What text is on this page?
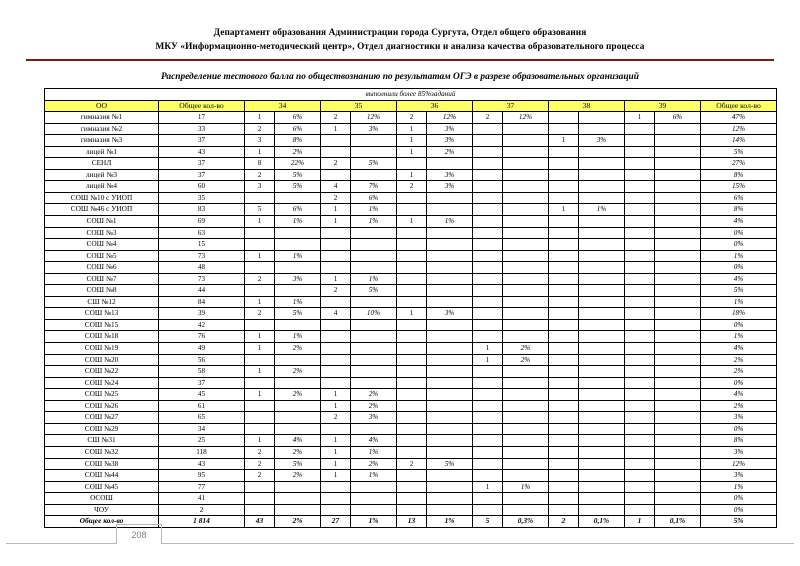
Департамент образования Администрации города Сургута, Отдел общего образования
МКУ «Информационно-методический центр», Отдел диагностики и анализа качества образовательного процесса
Распределение тестового балла по обществознанию по результатам ОГЭ в разрезе образовательных организаций
выполнили более 85%заданий														
ОО	Общее кол-во	34		35		36		37		38		39		Общее кол-во
гимназия №1	17	1	6%	2	12%	2	12%	2	12%			1	6%	47%
гимназия №2	33	2	6%	1	3%	1	3%							12%
гимназия №3	37	3	8%			1	3%			1	3%			14%
лицей №1	43	1	2%			1	2%							5%
СЕНЛ	37	8	22%	2	5%									27%
лицей №3	37	2	5%			1	3%							8%
лицей №4	60	3	5%	4	7%	2	3%							15%
СОШ №10 с УИОП	35			2	6%									6%
СОШ №46 с УИОП	83	5	6%	1	1%					1	1%			8%
СОШ №1	69	1	1%	1	1%	1	1%							4%
СОШ №3	63													0%
СОШ №4	15													0%
СОШ №5	73	1	1%											1%
СОШ №6	48													0%
СОШ №7	73	2	3%	1	1%									4%
СОШ №8	44			2	5%									5%
СШ №12	84	1	1%											1%
СОШ №13	39	2	5%	4	10%	1	3%							18%
СОШ №15	42													0%
СОШ №18	76	1	1%											1%
СОШ №19	49	1	2%					1	2%					4%
СОШ №20	56							1	2%					2%
СОШ №22	58	1	2%											2%
СОШ №24	37													0%
СОШ №25	45	1	2%	1	2%									4%
СОШ №26	61			1	2%									2%
СОШ №27	65			2	3%									3%
СОШ №29	34													0%
СШ №31	25	1	4%	1	4%									8%
СОШ №32	118	2	2%	1	1%									3%
СОШ №38	43	2	5%	1	2%	2	5%							12%
СОШ №44	95	2	2%	1	1%									3%
СОШ №45	77							1	1%					1%
ОСОШ	41													0%
ЧОУ	2													0%
Общее кол-во	1 814	43	2%	27	1%	13	1%	5	0,3%	2	0,1%	1	0,1%	5%
208
